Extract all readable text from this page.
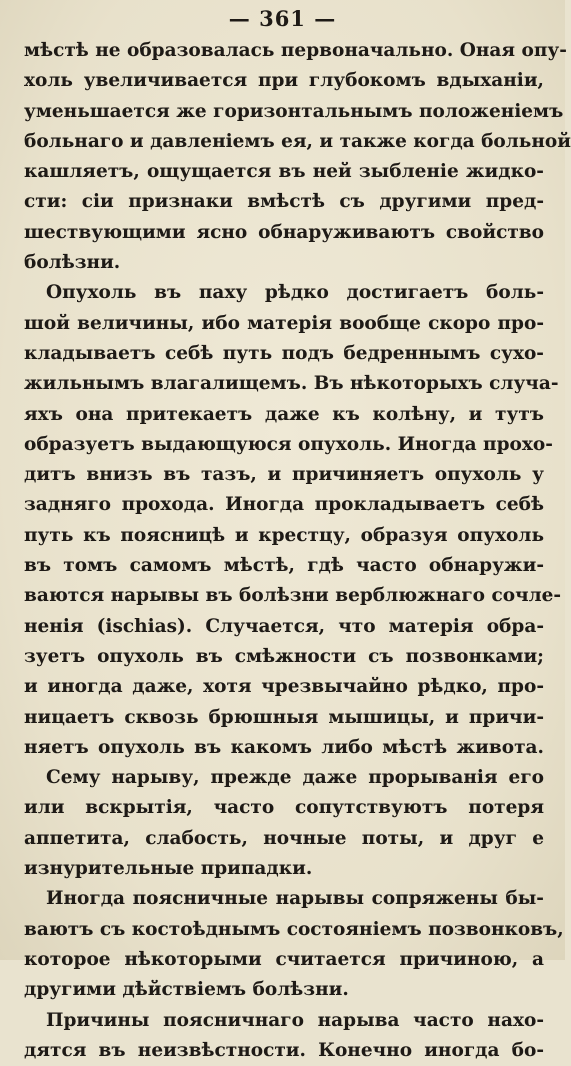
— 361 —
мѣстѣ не образовалась первоначально. Оная опу-
холь увеличивается при глубокомъ вдыханіи,
уменьшается же горизонтальнымъ положеніемъ
больнаго и давленіемъ ея, и также когда больной
кашляетъ, ощущается въ ней зыбленіе жидко-
сти: сіи признаки вмѣстѣ съ другими пред-
шествующими ясно обнаруживаютъ свойство
болѣзни.
Опухоль въ паху рѣдко достигаетъ боль-
шой величины, ибо матерія вообще скоро про-
кладываетъ себѣ путь подъ бедреннымъ сухо-
жильнымъ влагалищемъ. Въ нѣкоторыхъ случа-
яхъ она притекаетъ даже къ колѣну, и тутъ
образуетъ выдающуюся опухоль. Иногда прохо-
дитъ внизъ въ тазъ, и причиняетъ опухоль у
задняго прохода. Иногда прокладываетъ себѣ
путь къ поясницѣ и крестцу, образуя опухоль
въ томъ самомъ мѣстѣ, гдѣ часто обнаружи-
ваются нарывы въ болѣзни верблюжнаго сочле-
ненія (ischias). Случается, что матерія обра-
зуетъ опухоль въ смѣжности съ позвонками;
и иногда даже, хотя чрезвычайно рѣдко, про-
ницаетъ сквозь брюшныя мышицы, и причи-
няетъ опухоль въ какомъ либо мѣстѣ живота.
Сему нарыву, прежде даже прорыванія его
или вскрытія, часто сопутствуютъ потеря
аппетита, слабость, ночные поты, и друг е
изнурительные припадки.
Иногда поясничные нарывы сопряжены бы-
ваютъ съ костоѣднымъ состояніемъ позвонковъ,
которое нѣкоторыми считается причиною, а
другими дѣйствіемъ болѣзни.
Причины поясничнаго нарыва часто нахо-
дятся въ неизвѣстности. Конечно иногда бо-
